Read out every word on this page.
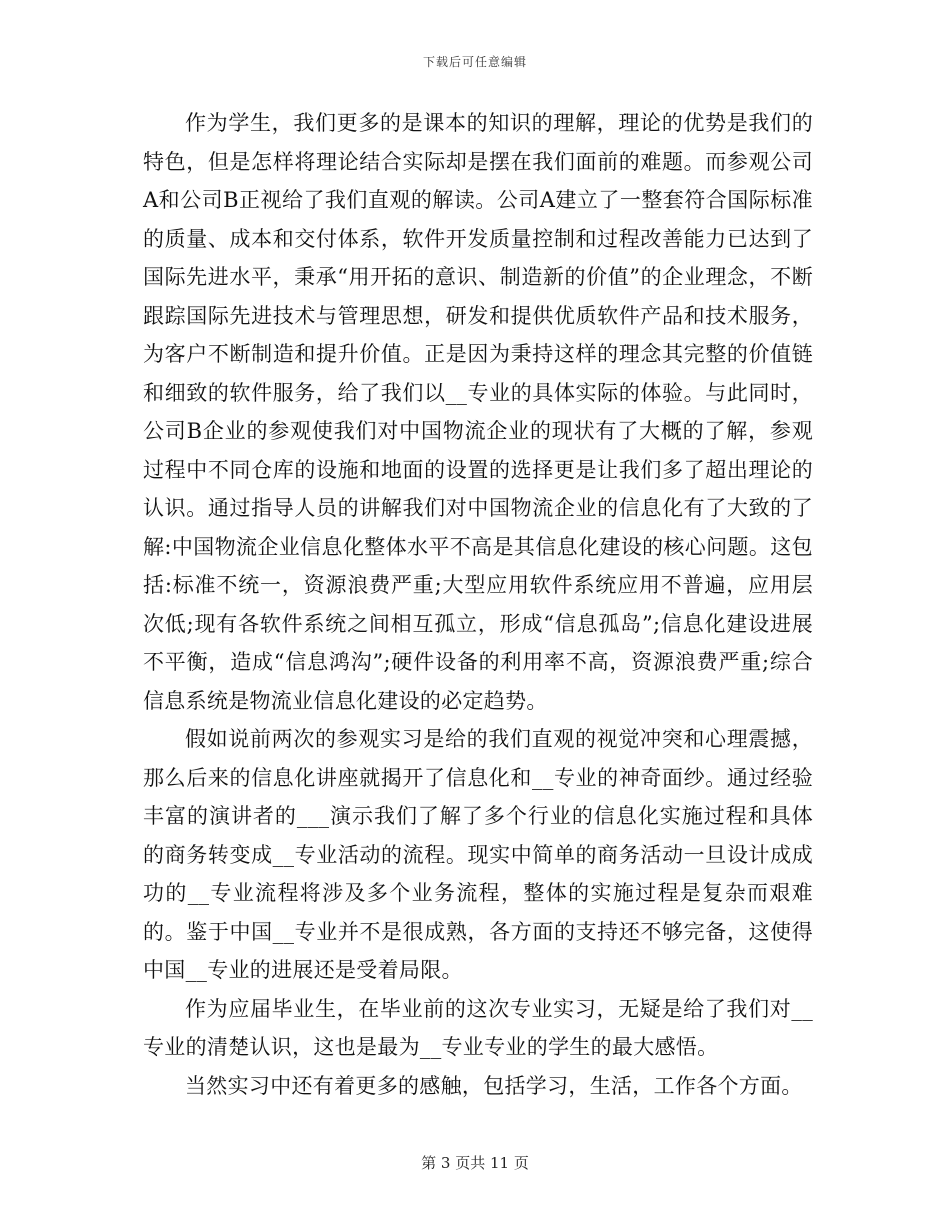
下载后可任意编辑

作为学生，我们更多的是课本的知识的理解，理论的优势是我们的特色，但是怎样将理论结合实际却是摆在我们面前的难题。而参观公司A和公司B正视给了我们直观的解读。公司A建立了一整套符合国际标准的质量、成本和交付体系，软件开发质量控制和过程改善能力已达到了国际先进水平，秉承“用开拓的意识、制造新的价值”的企业理念，不断跟踪国际先进技术与管理思想，研发和提供优质软件产品和技术服务，为客户不断制造和提升价值。正是因为秉持这样的理念其完整的价值链和细致的软件服务，给了我们以__专业的具体实际的体验。与此同时，公司B企业的参观使我们对中国物流企业的现状有了大概的了解，参观过程中不同仓库的设施和地面的设置的选择更是让我们多了超出理论的认识。通过指导人员的讲解我们对中国物流企业的信息化有了大致的了解:中国物流企业信息化整体水平不高是其信息化建设的核心问题。这包括:标准不统一，资源浪费严重;大型应用软件系统应用不普遍，应用层次低;现有各软件系统之间相互孤立，形成“信息孤岛”;信息化建设进展不平衡，造成“信息鸿沟”;硬件设备的利用率不高，资源浪费严重;综合信息系统是物流业信息化建设的必定趋势。

假如说前两次的参观实习是给的我们直观的视觉冲突和心理震撼，那么后来的信息化讲座就揭开了信息化和__专业的神奇面纱。通过经验丰富的演讲者的___演示我们了解了多个行业的信息化实施过程和具体的商务转变成__专业活动的流程。现实中简单的商务活动一旦设计成成功的__专业流程将涉及多个业务流程，整体的实施过程是复杂而艰难的。鉴于中国__专业并不是很成熟，各方面的支持还不够完备，这使得中国__专业的进展还是受着局限。

作为应届毕业生，在毕业前的这次专业实习，无疑是给了我们对__专业的清楚认识，这也是最为__专业专业的学生的最大感悟。

当然实习中还有着更多的感触，包括学习，生活，工作各个方面。

第 3 页共 11 页
